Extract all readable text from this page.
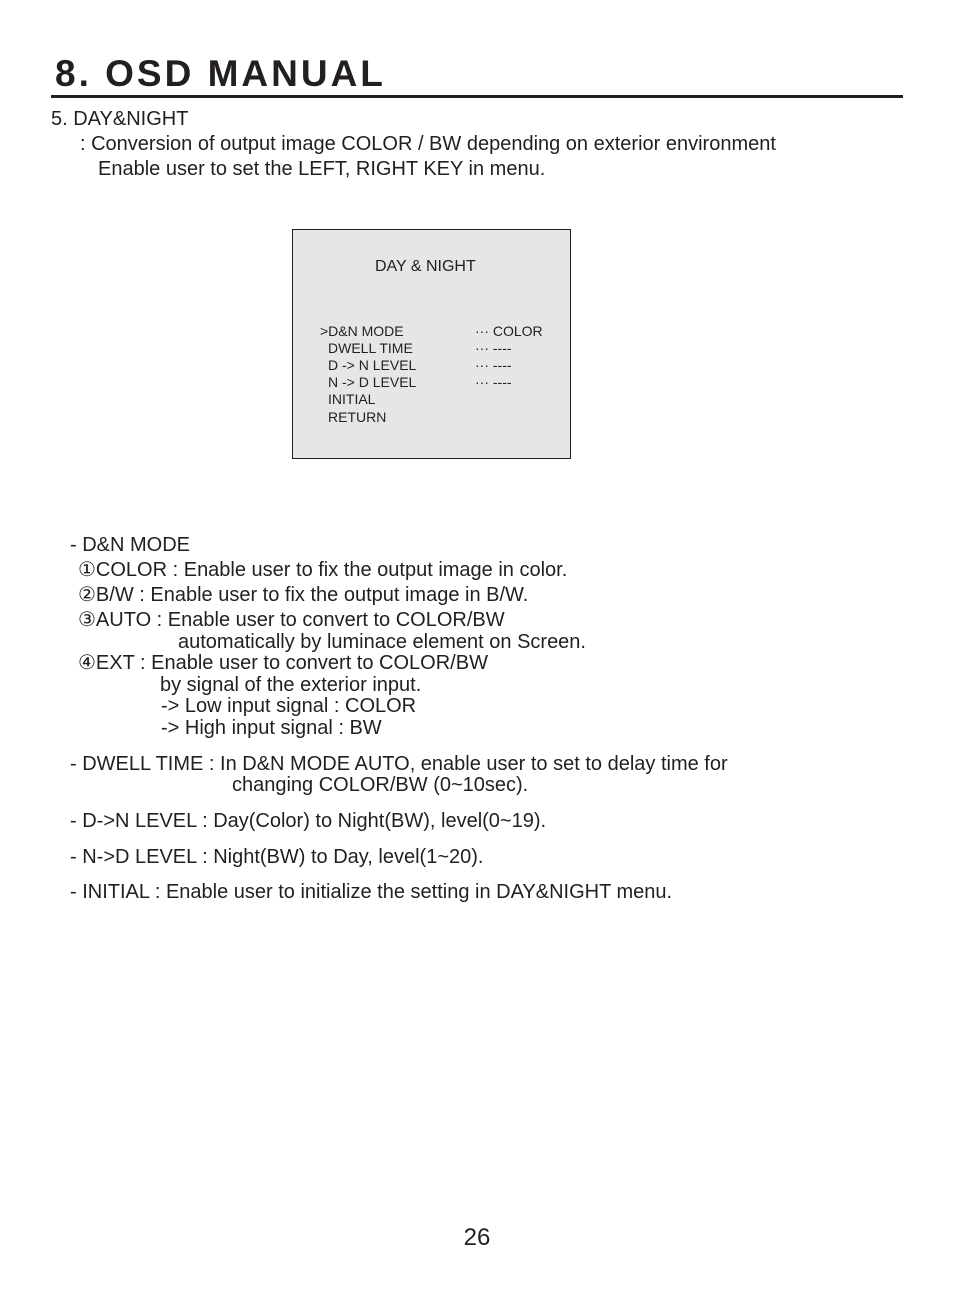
8. OSD MANUAL
5. DAY&NIGHT
: Conversion of output image COLOR / BW depending on exterior environment
Enable user to set the LEFT, RIGHT KEY in menu.
DAY & NIGHT
>D&N MODE	··· COLOR
DWELL TIME	··· ----
D -> N LEVEL	··· ----
N -> D LEVEL	··· ----
INITIAL
RETURN
- D&N MODE
①COLOR : Enable user to fix the output image in color.
②B/W : Enable user to fix the output image in B/W.
③AUTO : Enable user to convert to COLOR/BW
automatically by luminace element on Screen.
④EXT : Enable user to convert to COLOR/BW
by signal of the exterior input.
-> Low input signal : COLOR
-> High input signal : BW
- DWELL TIME : In D&N MODE AUTO, enable user to set to delay time for
changing COLOR/BW (0~10sec).
- D->N LEVEL : Day(Color) to Night(BW), level(0~19).
- N->D LEVEL : Night(BW) to Day, level(1~20).
- INITIAL : Enable user to initialize the setting in DAY&NIGHT menu.
26
